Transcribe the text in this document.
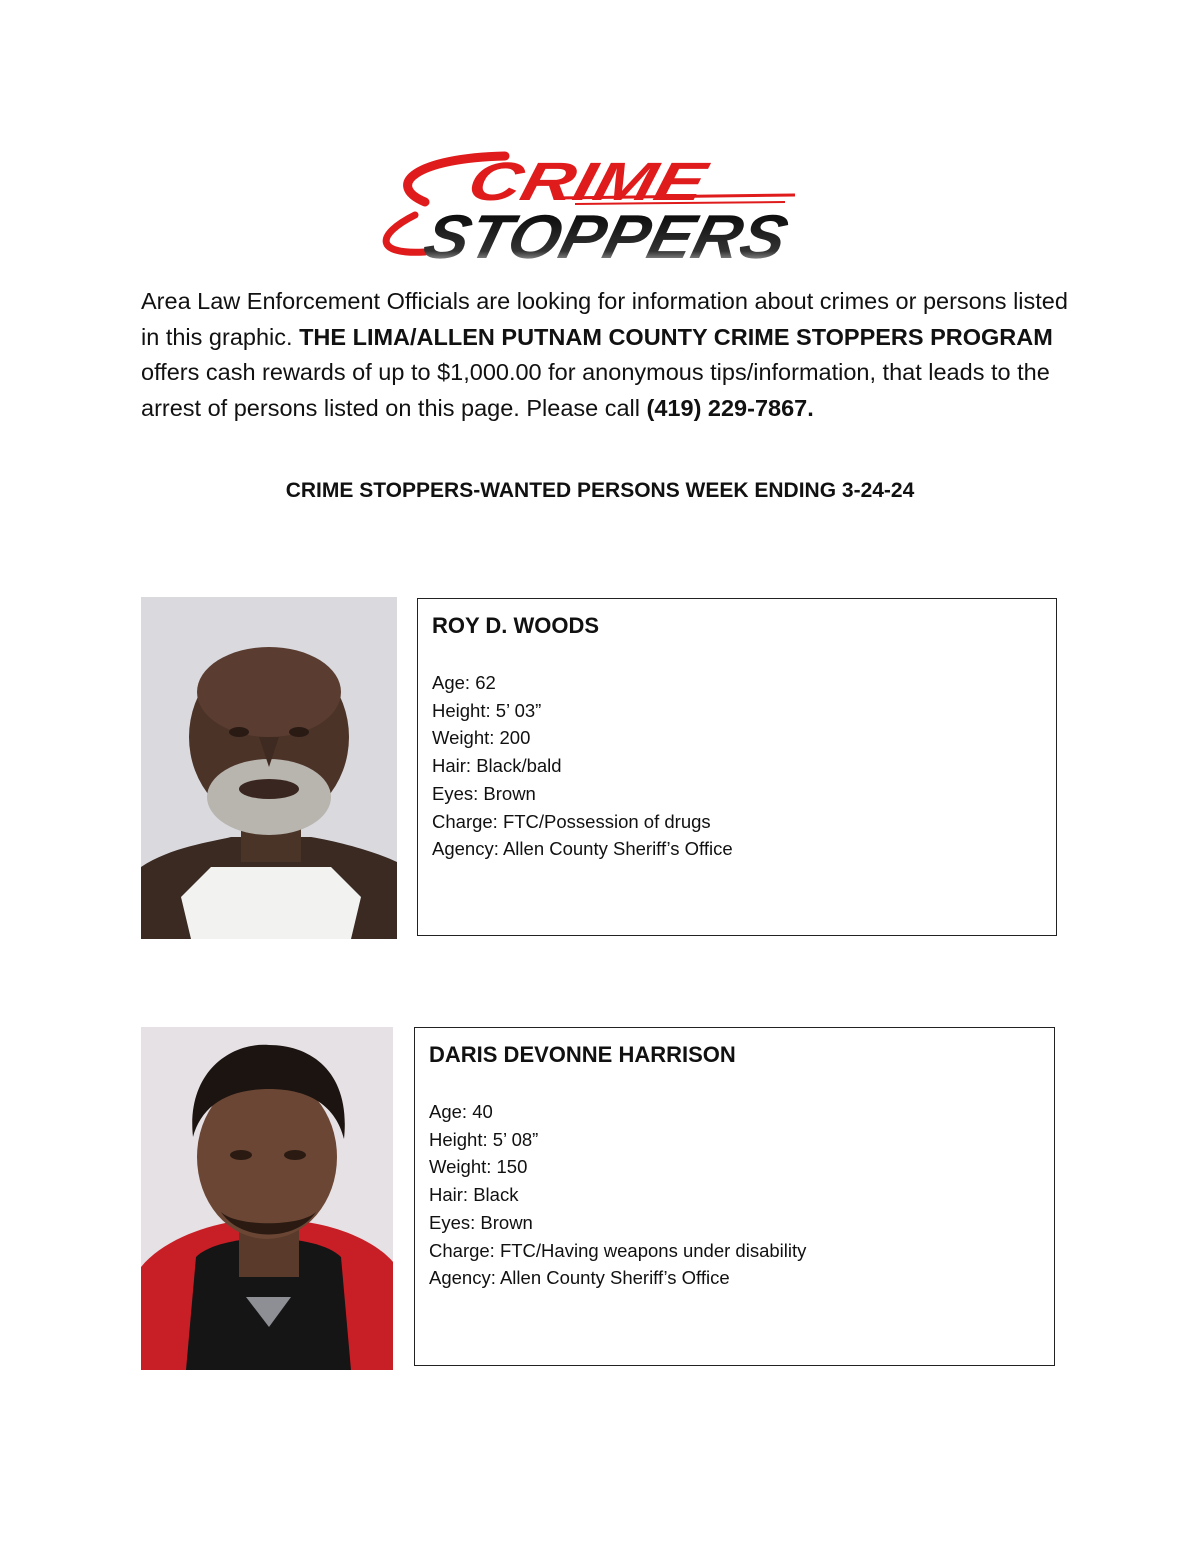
CRIME
STOPPERS

Area Law Enforcement Officials are looking for information about crimes or persons listed in this graphic. THE LIMA/ALLEN PUTNAM COUNTY CRIME STOPPERS PROGRAM offers cash rewards of up to $1,000.00 for anonymous tips/information, that leads to the arrest of persons listed on this page. Please call (419) 229-7867.

CRIME STOPPERS-WANTED PERSONS WEEK ENDING 3-24-24
ROY D. WOODS
Age: 62
Height: 5’ 03”
Weight: 200
Hair: Black/bald
Eyes: Brown
Charge: FTC/Possession of drugs
Agency: Allen County Sheriff’s Office
DARIS DEVONNE HARRISON
Age: 40
Height: 5’ 08”
Weight: 150
Hair: Black
Eyes: Brown
Charge: FTC/Having weapons under disability
Agency: Allen County Sheriff’s Office
